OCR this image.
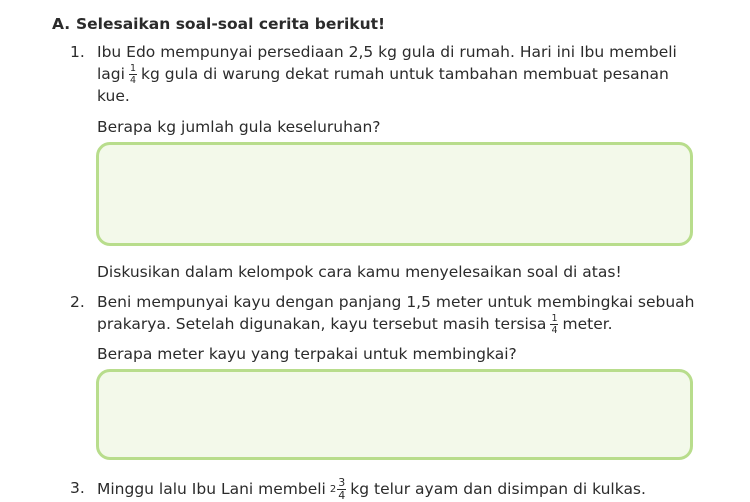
A. Selesaikan soal-soal cerita berikut!
1. Ibu Edo mempunyai persediaan 2,5 kg gula di rumah. Hari ini Ibu membeli
lagi $\frac{1}{4}$ kg gula di warung dekat rumah untuk tambahan membuat pesanan
kue.
Berapa kg jumlah gula keseluruhan?
Diskusikan dalam kelompok cara kamu menyelesaikan soal di atas!
2. Beni mempunyai kayu dengan panjang 1,5 meter untuk membingkai sebuah
prakarya. Setelah digunakan, kayu tersebut masih tersisa $\frac{1}{4}$ meter.
Berapa meter kayu yang terpakai untuk membingkai?
3. Minggu lalu Ibu Lani membeli $2 \frac{3}{4}$ kg telur ayam dan disimpan di kulkas.
